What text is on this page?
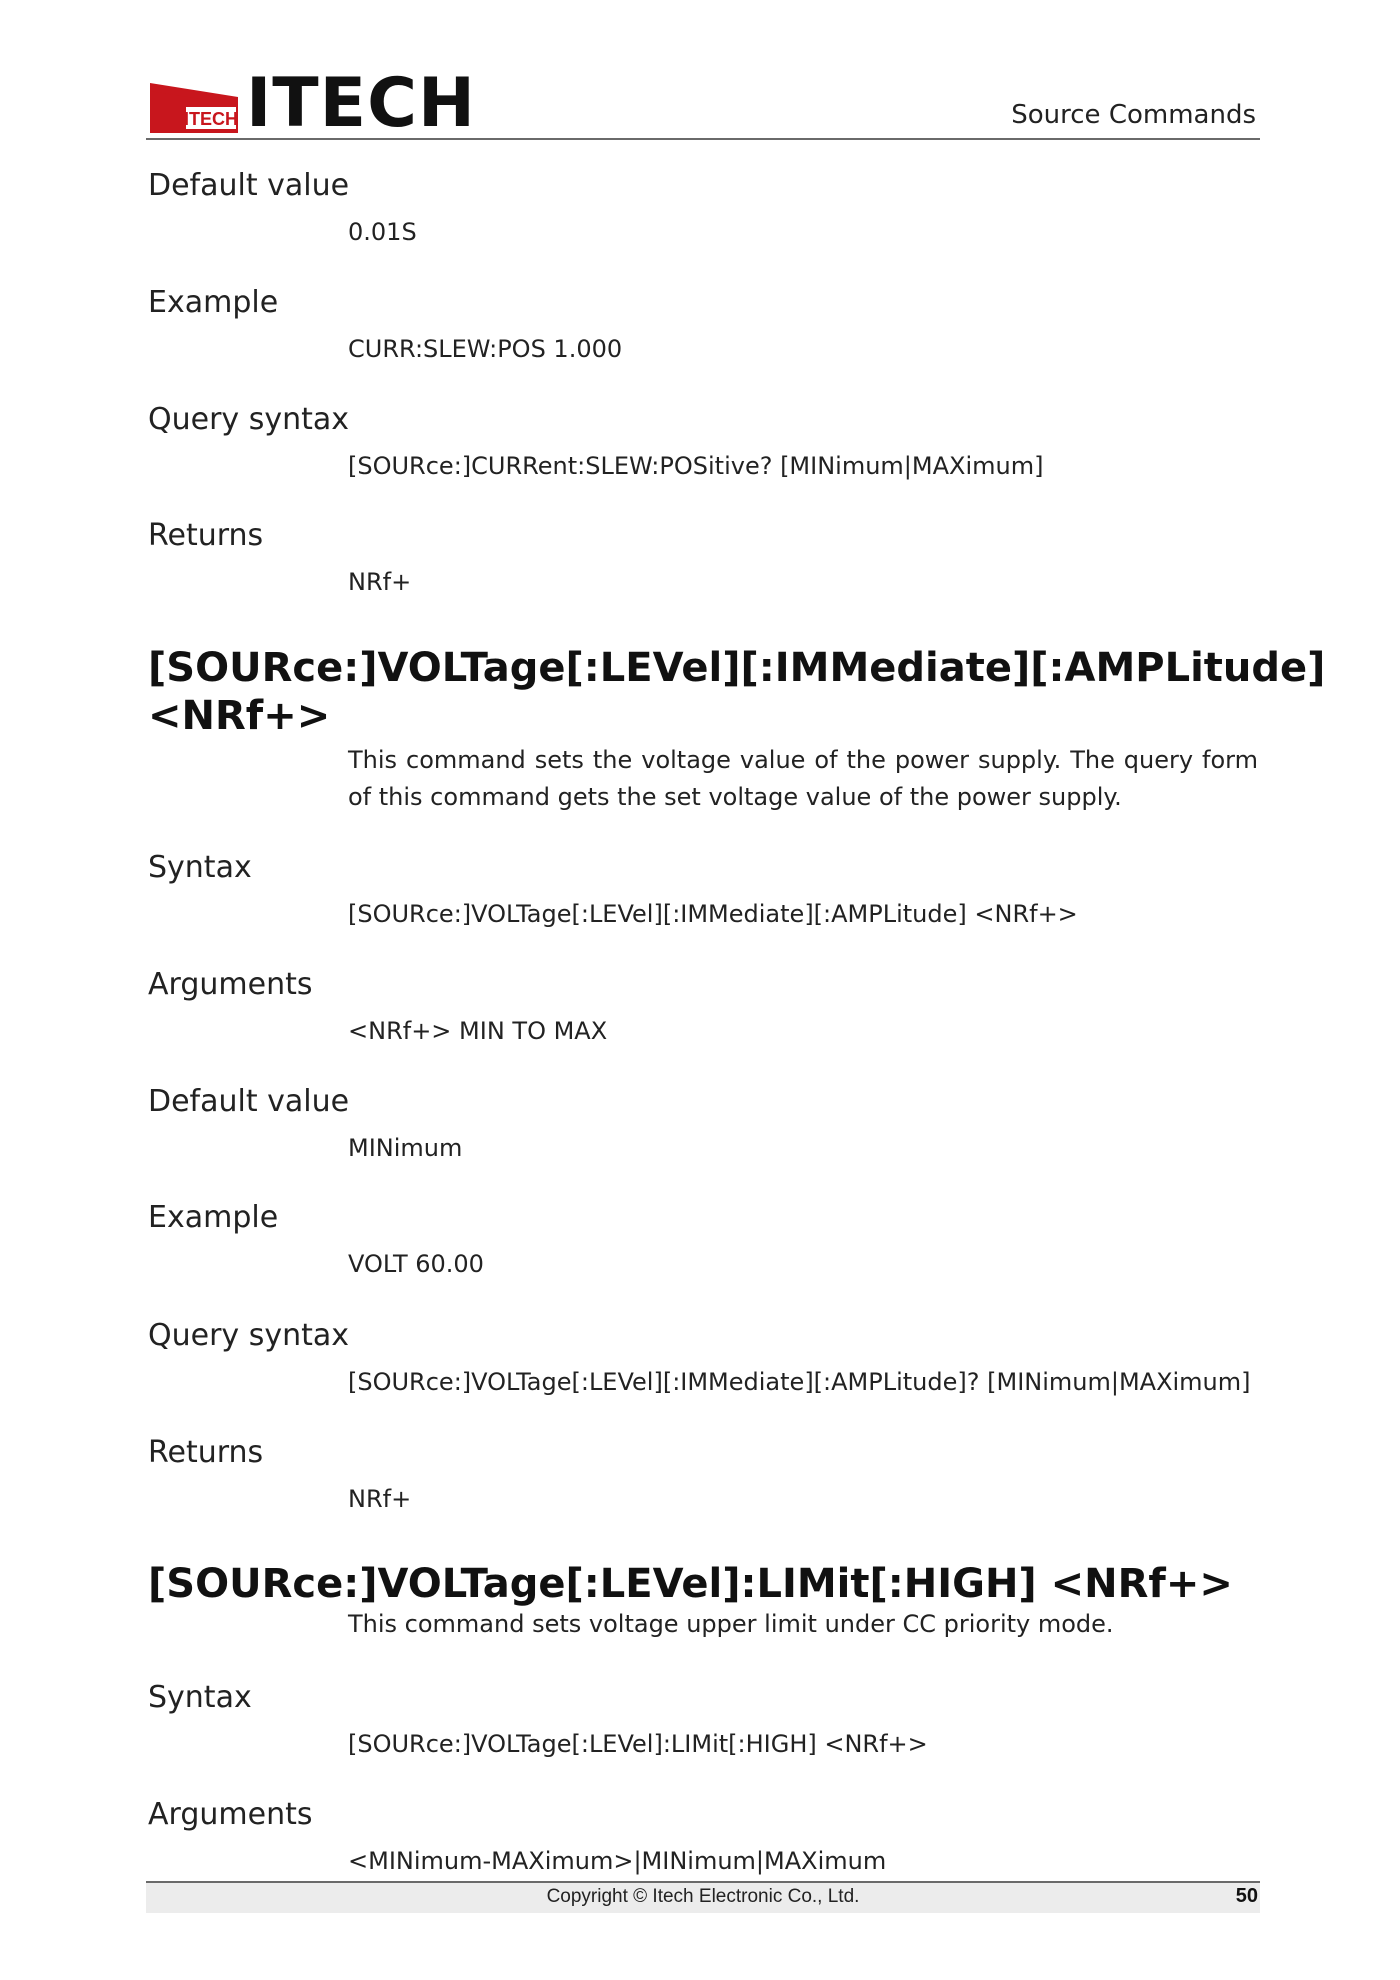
ITECH ITECH	Source Commands
Default value
0.01S
Example
CURR:SLEW:POS 1.000
Query syntax
[SOURce:]CURRent:SLEW:POSitive? [MINimum|MAXimum]
Returns
NRf+
[SOURce:]VOLTage[:LEVel][:IMMediate][:AMPLitude]
<NRf+>
This command sets the voltage value of the power supply. The query form of this command gets the set voltage value of the power supply.
Syntax
[SOURce:]VOLTage[:LEVel][:IMMediate][:AMPLitude] <NRf+>
Arguments
<NRf+> MIN TO MAX
Default value
MINimum
Example
VOLT 60.00
Query syntax
[SOURce:]VOLTage[:LEVel][:IMMediate][:AMPLitude]? [MINimum|MAXimum]
Returns
NRf+
[SOURce:]VOLTage[:LEVel]:LIMit[:HIGH] <NRf+>
This command sets voltage upper limit under CC priority mode.
Syntax
[SOURce:]VOLTage[:LEVel]:LIMit[:HIGH] <NRf+>
Arguments
<MINimum-MAXimum>|MINimum|MAXimum
Copyright © Itech Electronic Co., Ltd.	50
